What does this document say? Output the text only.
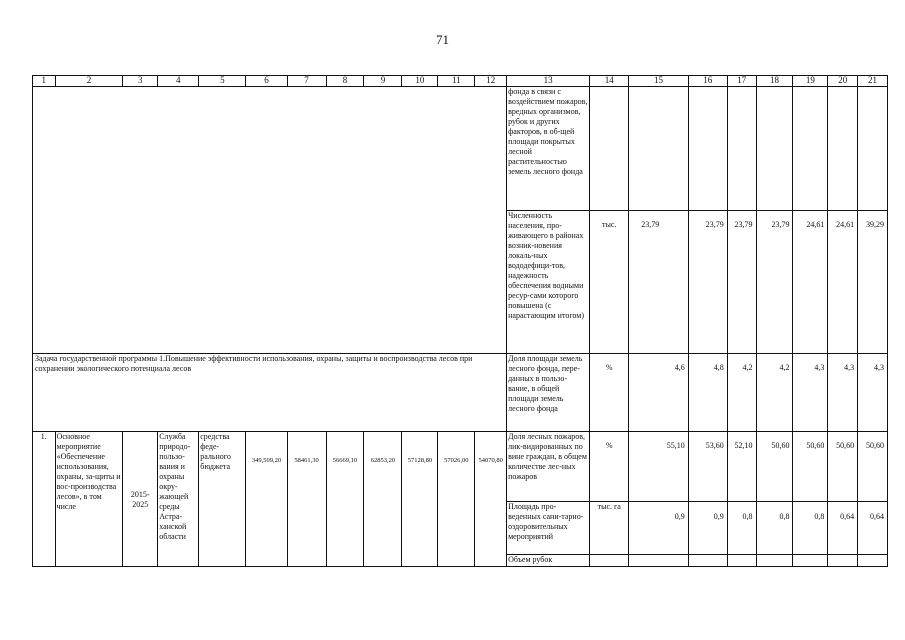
71
1	2	3	4	5	6	7	8	9	10	11	12	13	14	15	16	17	18	19	20	21
												фонда в связи с воздействием пожаров, вредных организмов, рубок и других факторов, в об-щей площади покрытых лесной растительностью земель лесного фонда								
												Численность населения, про-живающего в районах возник-новения локаль-ных вододефици-тов, надежность обеспечения водными ресур-сами которого повышена (с нарастающим итогом)	тыс.	23,79	23,79	23,79	23,79	24,61	24,61	39,29
Задача государственной программы 1.Повышение эффективности использования, охраны, защиты и воспроизводства лесов при сохранении экологического потенциала лесов												Доля площади земель лесного фонда, пере-данных в пользо-вание, в общей площади земель лесного фонда	%	4,6	4,8	4,2	4,2	4,3	4,3	4,3
1.	Основное мероприятие «Обеспечение использования, охраны, за-щиты и вос-производства лесов», в том числе	2015-2025	Служба природо-пользо-вания и охраны окру-жающей среды Астра-ханской области	средства феде-рального бюджета	349,509,20	58461,30	56669,10	62853,20	57128,80	57026,00	54070,80	Доля лесных пожаров, лик-видированных по вине граждан, в общем количестве лес-ных пожаров	%	55,10	53,60	52,10	50,60	50,60	50,60	50,60
												Площадь про-веденных сани-тарно-оздоровительных мероприятий	тыс. га	0,9	0,9	0,8	0,8	0,8	0,64	0,64
												Объем рубок								
